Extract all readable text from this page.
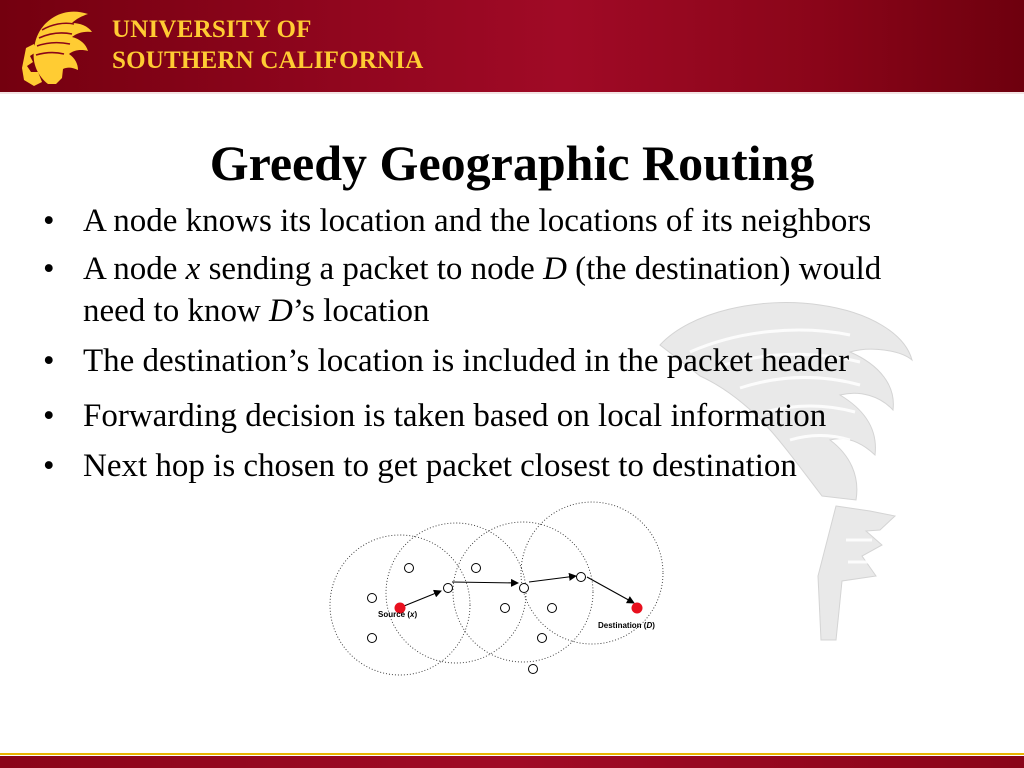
UNIVERSITY OF
SOUTHERN CALIFORNIA
Greedy Geographic Routing
• A node knows its location and the locations of its neighbors
• A node x sending a packet to node D (the destination) would
need to know D’s location
• The destination’s location is included in the packet header
• Forwarding decision is taken based on local information
• Next hop is chosen to get packet closest to destination
Source (x)
Destination (D)
